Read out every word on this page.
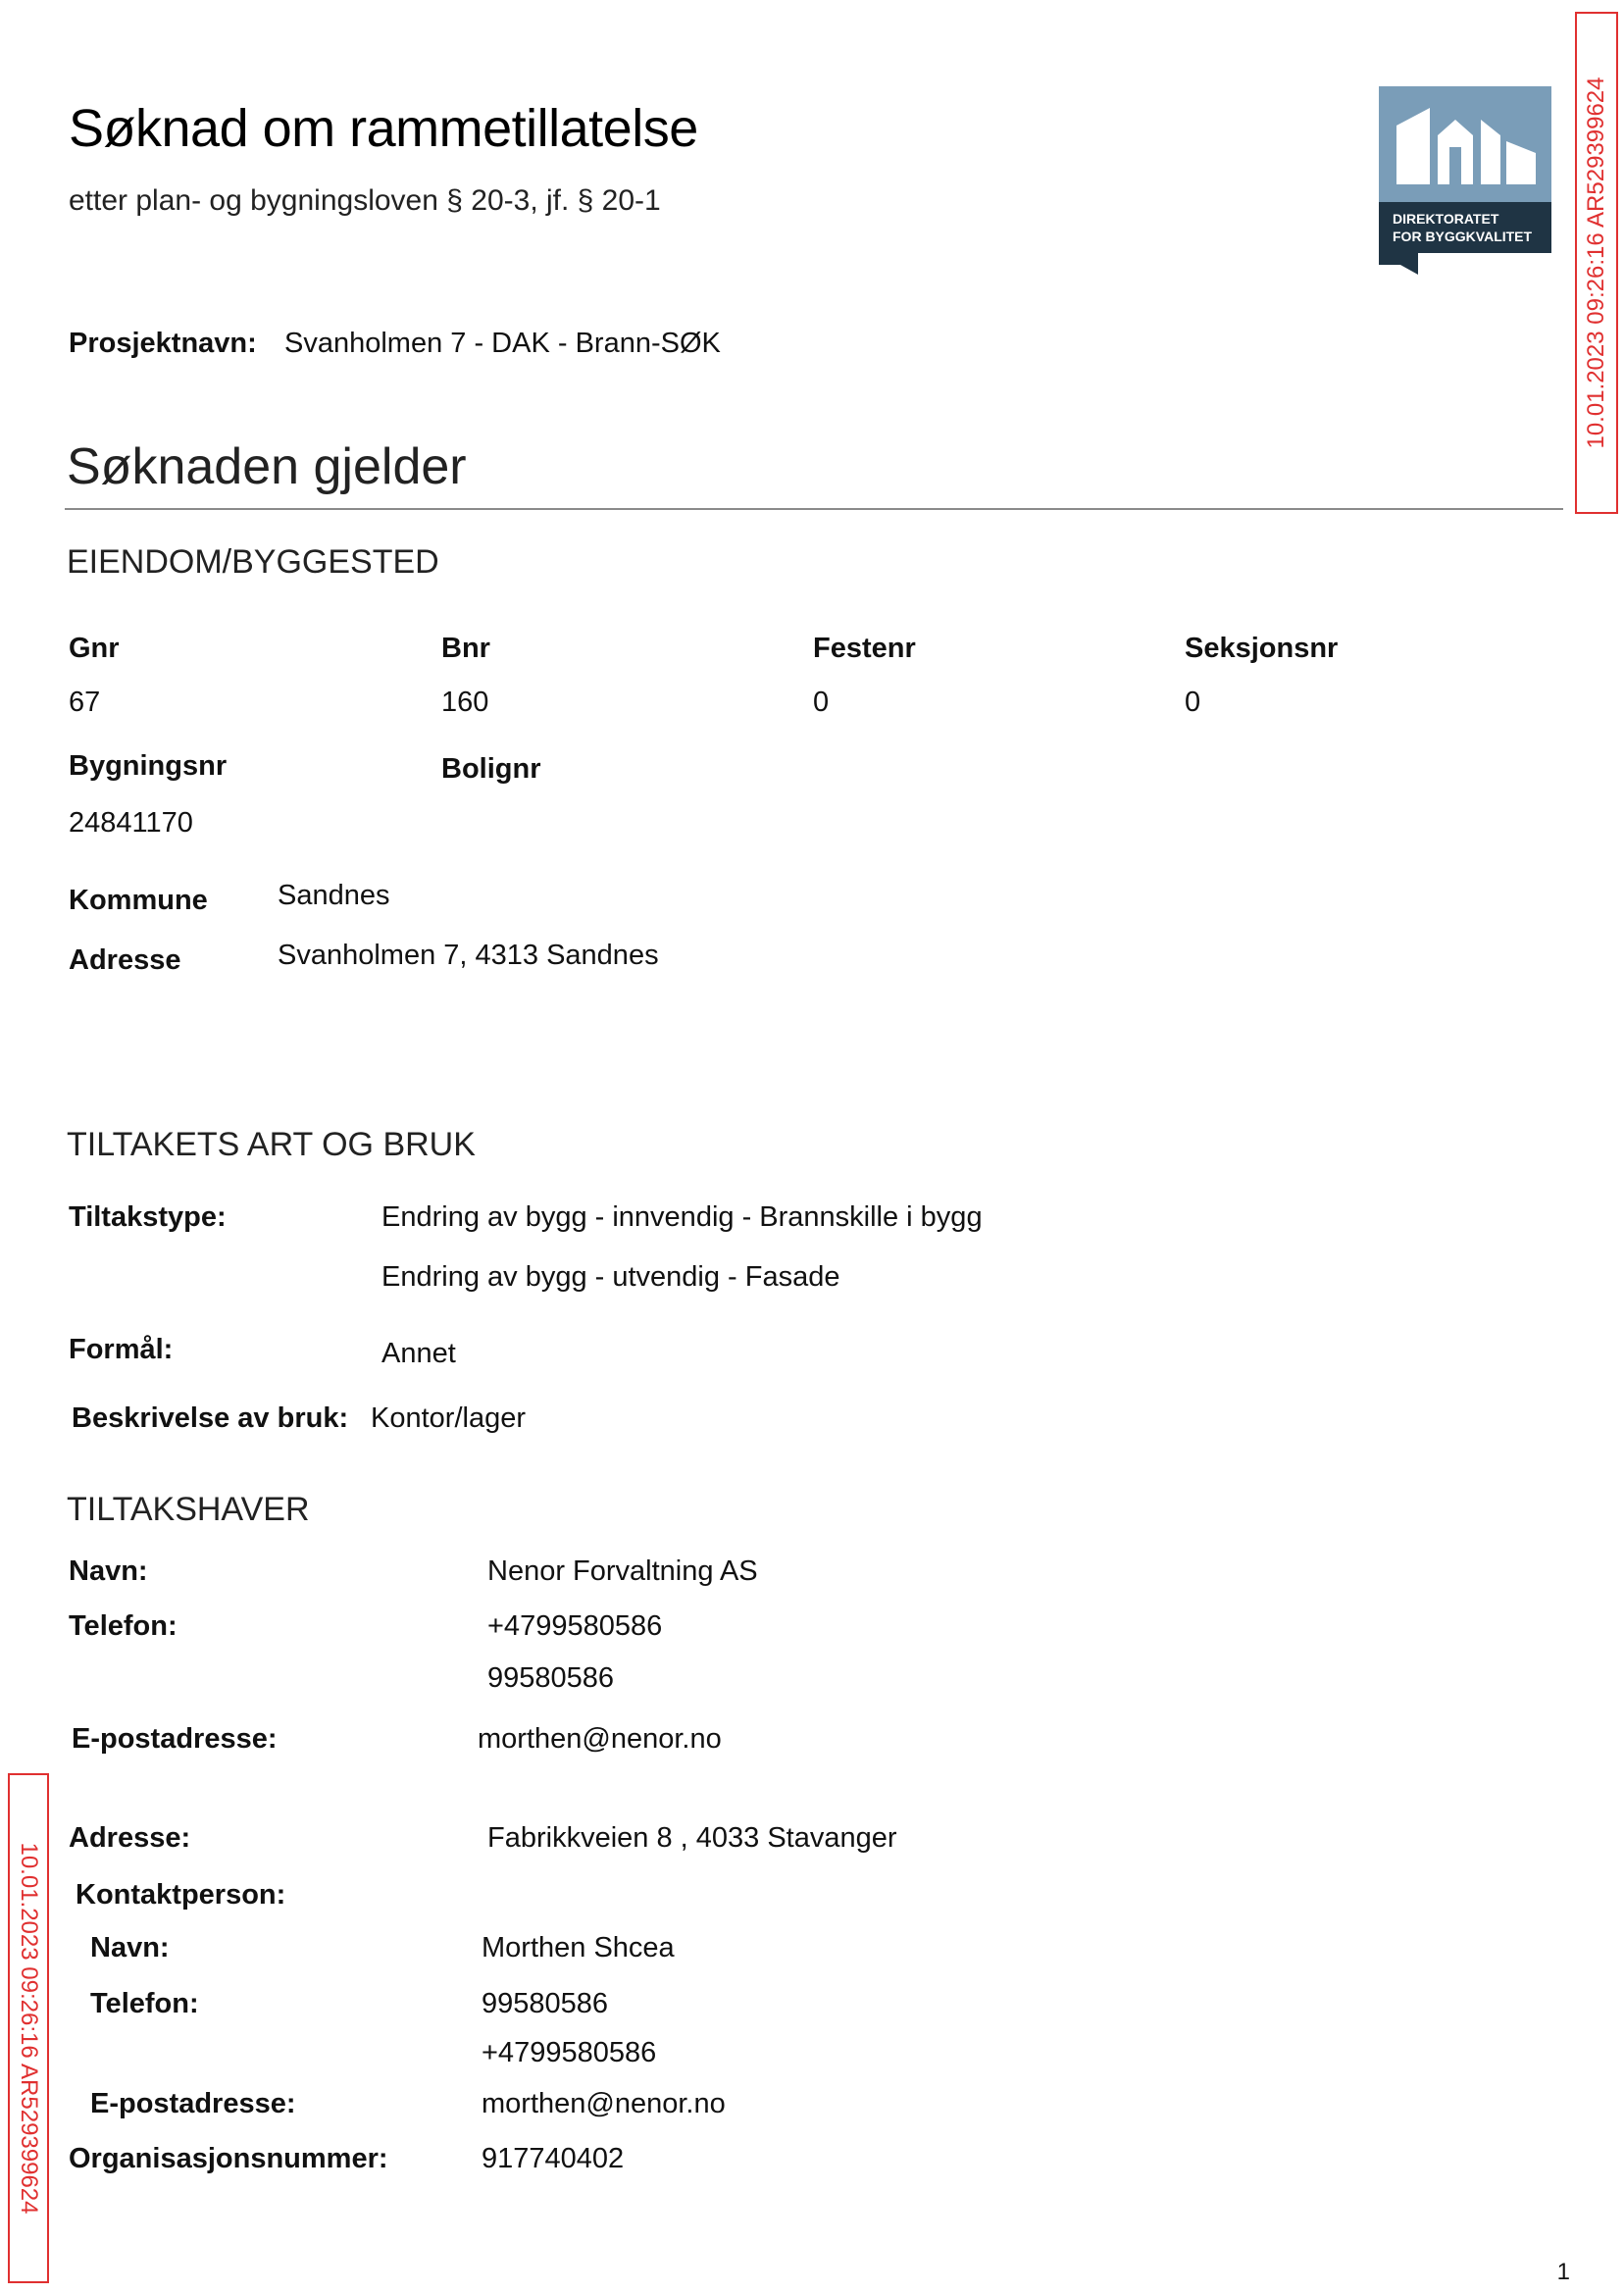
Søknad om rammetillatelse
etter plan- og bygningsloven § 20-3, jf. § 20-1
DIREKTORATET
FOR BYGGKVALITET 10.01.2023 09:26:16 AR529399624
Prosjektnavn: Svanholmen 7 - DAK - Brann-SØK
Søknaden gjelder
EIENDOM/BYGGESTED
Gnr	Bnr	Festenr	Seksjonsnr
67	160	0	0
Bygningsnr	Bolignr
24841170
Kommune Sandnes
Adresse	Svanholmen 7, 4313 Sandnes
TILTAKETS ART OG BRUK
Tiltakstype:	Endring av bygg - innvendig - Brannskille i bygg
Endring av bygg - utvendig - Fasade
Formål:	Annet
Beskrivelse av bruk: Kontor/lager
TILTAKSHAVER
Navn:	Nenor Forvaltning AS
Telefon:	+4799580586
99580586
E-postadresse:	morthen@nenor.no
Adresse:	Fabrikkveien 8 , 4033 Stavanger
Kontaktperson:
Navn:	Morthen Shcea
Telefon:	99580586
+4799580586
E-postadresse:	morthen@nenor.no
Organisasjonsnummer:	917740402
10.01.2023 09:26:16 AR529399624
1
